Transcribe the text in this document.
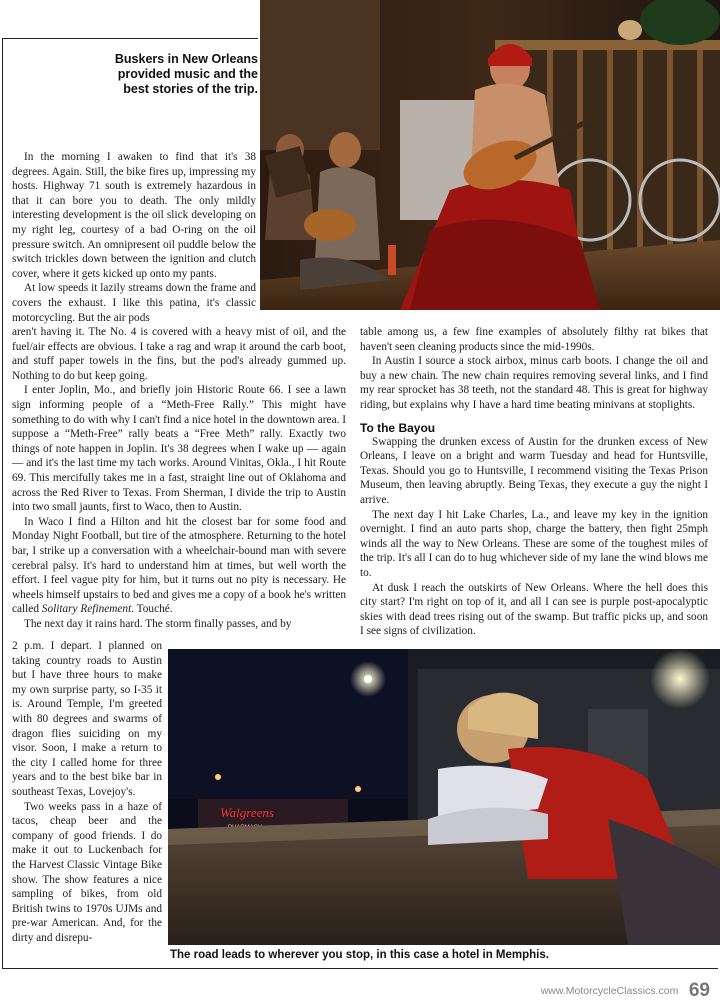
Buskers in New Orleans
provided music and the
best stories of the trip.

In the morning I awaken to find that it's 38 degrees. Again. Still, the bike fires up, impressing my hosts. Highway 71 south is extremely hazardous in that it can bore you to death. The only mildly interesting development is the oil slick developing on my right leg, courtesy of a bad O-ring on the oil pressure switch. An omnipresent oil puddle below the switch trickles down between the ignition and clutch cover, where it gets kicked up onto my pants.

At low speeds it lazily streams down the frame and covers the exhaust. I like this patina, it's classic motorcycling. But the air pods

aren't having it. The No. 4 is covered with a heavy mist of oil, and the fuel/air effects are obvious. I take a rag and wrap it around the carb boot, and stuff paper towels in the fins, but the pod's already gummed up. Nothing to do but keep going.

I enter Joplin, Mo., and briefly join Historic Route 66. I see a lawn sign informing people of a “Meth-Free Rally.” This might have something to do with why I can't find a nice hotel in the downtown area. I suppose a “Meth-Free” rally beats a “Free Meth” rally. Exactly two things of note happen in Joplin. It's 38 degrees when I wake up — again — and it's the last time my tach works. Around Vinitas, Okla., I hit Route 69. This mercifully takes me in a fast, straight line out of Oklahoma and across the Red River to Texas. From Sherman, I divide the trip to Austin into two small jaunts, first to Waco, then to Austin.

In Waco I find a Hilton and hit the closest bar for some food and Monday Night Football, but tire of the atmosphere. Returning to the hotel bar, I strike up a conversation with a wheelchair-bound man with severe cerebral palsy. It's hard to understand him at times, but well worth the effort. I feel vague pity for him, but it turns out no pity is necessary. He wheels himself upstairs to bed and gives me a copy of a book he's written called Solitary Refinement. Touché.

The next day it rains hard. The storm finally passes, and by

2 p.m. I depart. I planned on taking country roads to Austin but I have three hours to make my own surprise party, so I-35 it is. Around Temple, I'm greeted with 80 degrees and swarms of dragon flies suiciding on my visor. Soon, I make a return to the city I called home for three years and to the best bike bar in southeast Texas, Lovejoy's.

Two weeks pass in a haze of tacos, cheap beer and the company of good friends. I do make it out to Luckenbach for the Harvest Classic Vintage Bike show. The show features a nice sampling of bikes, from old British twins to 1970s UJMs and pre-war American. And, for the dirty and disrepu-

table among us, a few fine examples of absolutely filthy rat bikes that haven't seen cleaning products since the mid-1990s.

In Austin I source a stock airbox, minus carb boots. I change the oil and buy a new chain. The new chain requires removing several links, and I find my rear sprocket has 38 teeth, not the standard 48. This is great for highway riding, but explains why I have a hard time beating minivans at stoplights.

To the Bayou

Swapping the drunken excess of Austin for the drunken excess of New Orleans, I leave on a bright and warm Tuesday and head for Huntsville, Texas. Should you go to Huntsville, I recommend visiting the Texas Prison Museum, then leaving abruptly. Being Texas, they execute a guy the night I arrive.

The next day I hit Lake Charles, La., and leave my key in the ignition overnight. I find an auto parts shop, charge the battery, then fight 25mph winds all the way to New Orleans. These are some of the toughest miles of the trip. It's all I can do to hug whichever side of my lane the wind blows me to.

At dusk I reach the outskirts of New Orleans. Where the hell does this city start? I'm right on top of it, and all I can see is purple post-apocalyptic skies with dead trees rising out of the swamp. But traffic picks up, and soon I see signs of civilization.

Walgreens
The road leads to wherever you stop, in this case a hotel in Memphis.
www.MotorcycleClassics.com 69
